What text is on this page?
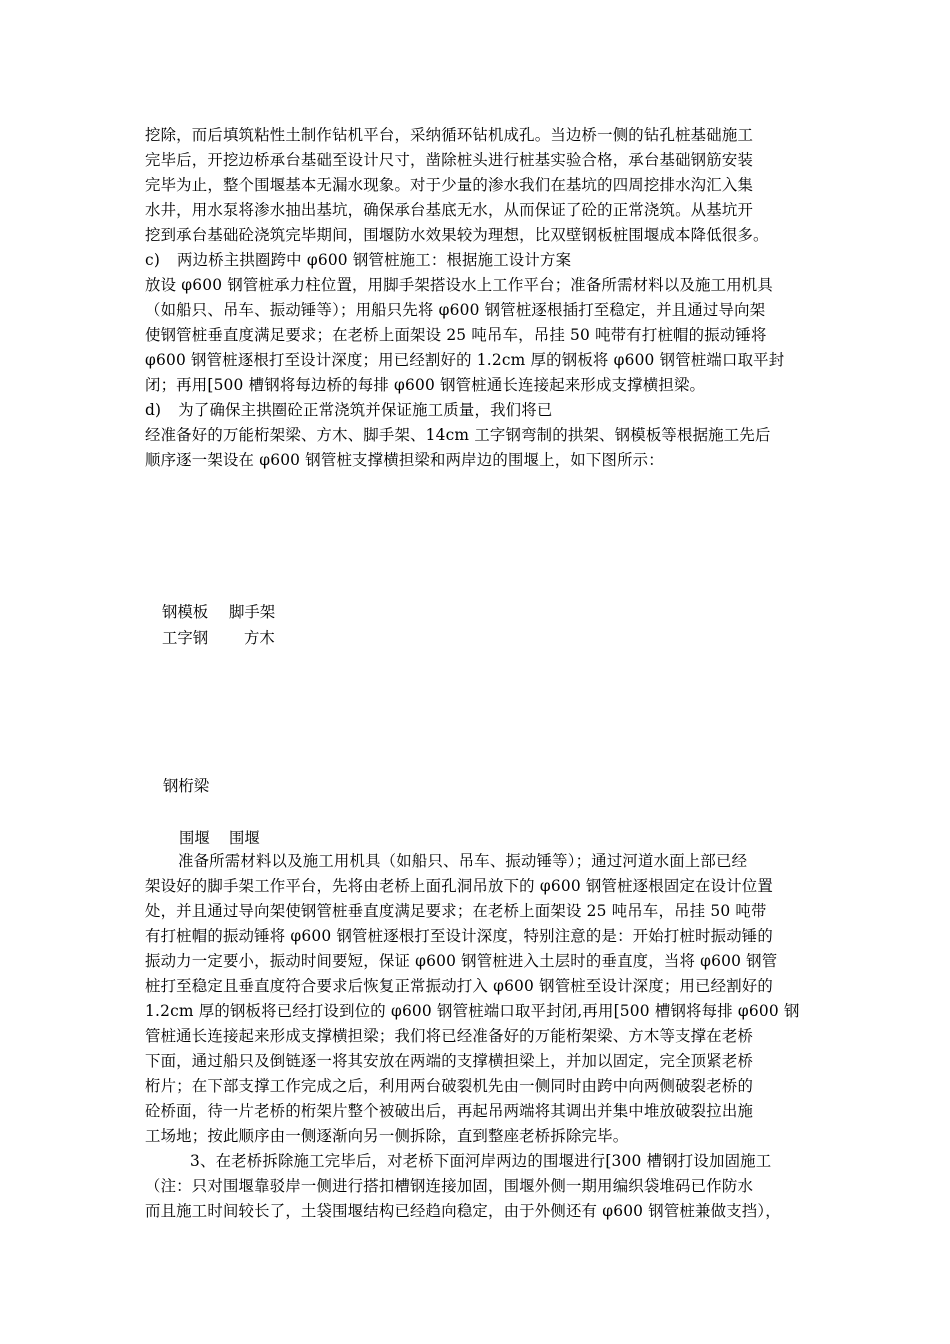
挖除，而后填筑粘性土制作钻机平台，采纳循环钻机成孔。当边桥一侧的钻孔桩基础施工
完毕后，开挖边桥承台基础至设计尺寸，凿除桩头进行桩基实验合格，承台基础钢筋安装
完毕为止，整个围堰基本无漏水现象。对于少量的渗水我们在基坑的四周挖排水沟汇入集
水井，用水泵将渗水抽出基坑，确保承台基底无水，从而保证了砼的正常浇筑。从基坑开
挖到承台基础砼浇筑完毕期间，围堰防水效果较为理想，比双壁钢板桩围堰成本降低很多。
c) 两边桥主拱圈跨中 φ600 钢管桩施工：根据施工设计方案
放设 φ600 钢管桩承力柱位置，用脚手架搭设水上工作平台；准备所需材料以及施工用机具
（如船只、吊车、振动锤等）；用船只先将 φ600 钢管桩逐根插打至稳定，并且通过导向架
使钢管桩垂直度满足要求；在老桥上面架设 25 吨吊车，吊挂 50 吨带有打桩帽的振动锤将
φ600 钢管桩逐根打至设计深度；用已经割好的 1.2cm 厚的钢板将 φ600 钢管桩端口取平封
闭；再用[500 槽钢将每边桥的每排 φ600 钢管桩通长连接起来形成支撑横担梁。
d) 为了确保主拱圈砼正常浇筑并保证施工质量，我们将已
经准备好的万能桁架梁、方木、脚手架、14cm 工字钢弯制的拱架、钢模板等根据施工先后
顺序逐一架设在 φ600 钢管桩支撑横担梁和两岸边的围堰上，如下图所示：
钢模板 脚手架
工字钢 方木
钢桁梁
围堰 围堰
准备所需材料以及施工用机具（如船只、吊车、振动锤等）；通过河道水面上部已经
架设好的脚手架工作平台，先将由老桥上面孔洞吊放下的 φ600 钢管桩逐根固定在设计位置
处，并且通过导向架使钢管桩垂直度满足要求；在老桥上面架设 25 吨吊车，吊挂 50 吨带
有打桩帽的振动锤将 φ600 钢管桩逐根打至设计深度，特别注意的是：开始打桩时振动锤的
振动力一定要小，振动时间要短，保证 φ600 钢管桩进入土层时的垂直度，当将 φ600 钢管
桩打至稳定且垂直度符合要求后恢复正常振动打入 φ600 钢管桩至设计深度；用已经割好的
1.2cm 厚的钢板将已经打设到位的 φ600 钢管桩端口取平封闭,再用[500 槽钢将每排 φ600 钢
管桩通长连接起来形成支撑横担梁；我们将已经准备好的万能桁架梁、方木等支撑在老桥
下面，通过船只及倒链逐一将其安放在两端的支撑横担梁上，并加以固定，完全顶紧老桥
桁片；在下部支撑工作完成之后，利用两台破裂机先由一侧同时由跨中向两侧破裂老桥的
砼桥面，待一片老桥的桁架片整个被破出后，再起吊两端将其调出并集中堆放破裂拉出施
工场地；按此顺序由一侧逐渐向另一侧拆除，直到整座老桥拆除完毕。
3、在老桥拆除施工完毕后，对老桥下面河岸两边的围堰进行[300 槽钢打设加固施工
（注：只对围堰靠驳岸一侧进行搭扣槽钢连接加固，围堰外侧一期用编织袋堆码已作防水
而且施工时间较长了，土袋围堰结构已经趋向稳定，由于外侧还有 φ600 钢管桩兼做支挡），
